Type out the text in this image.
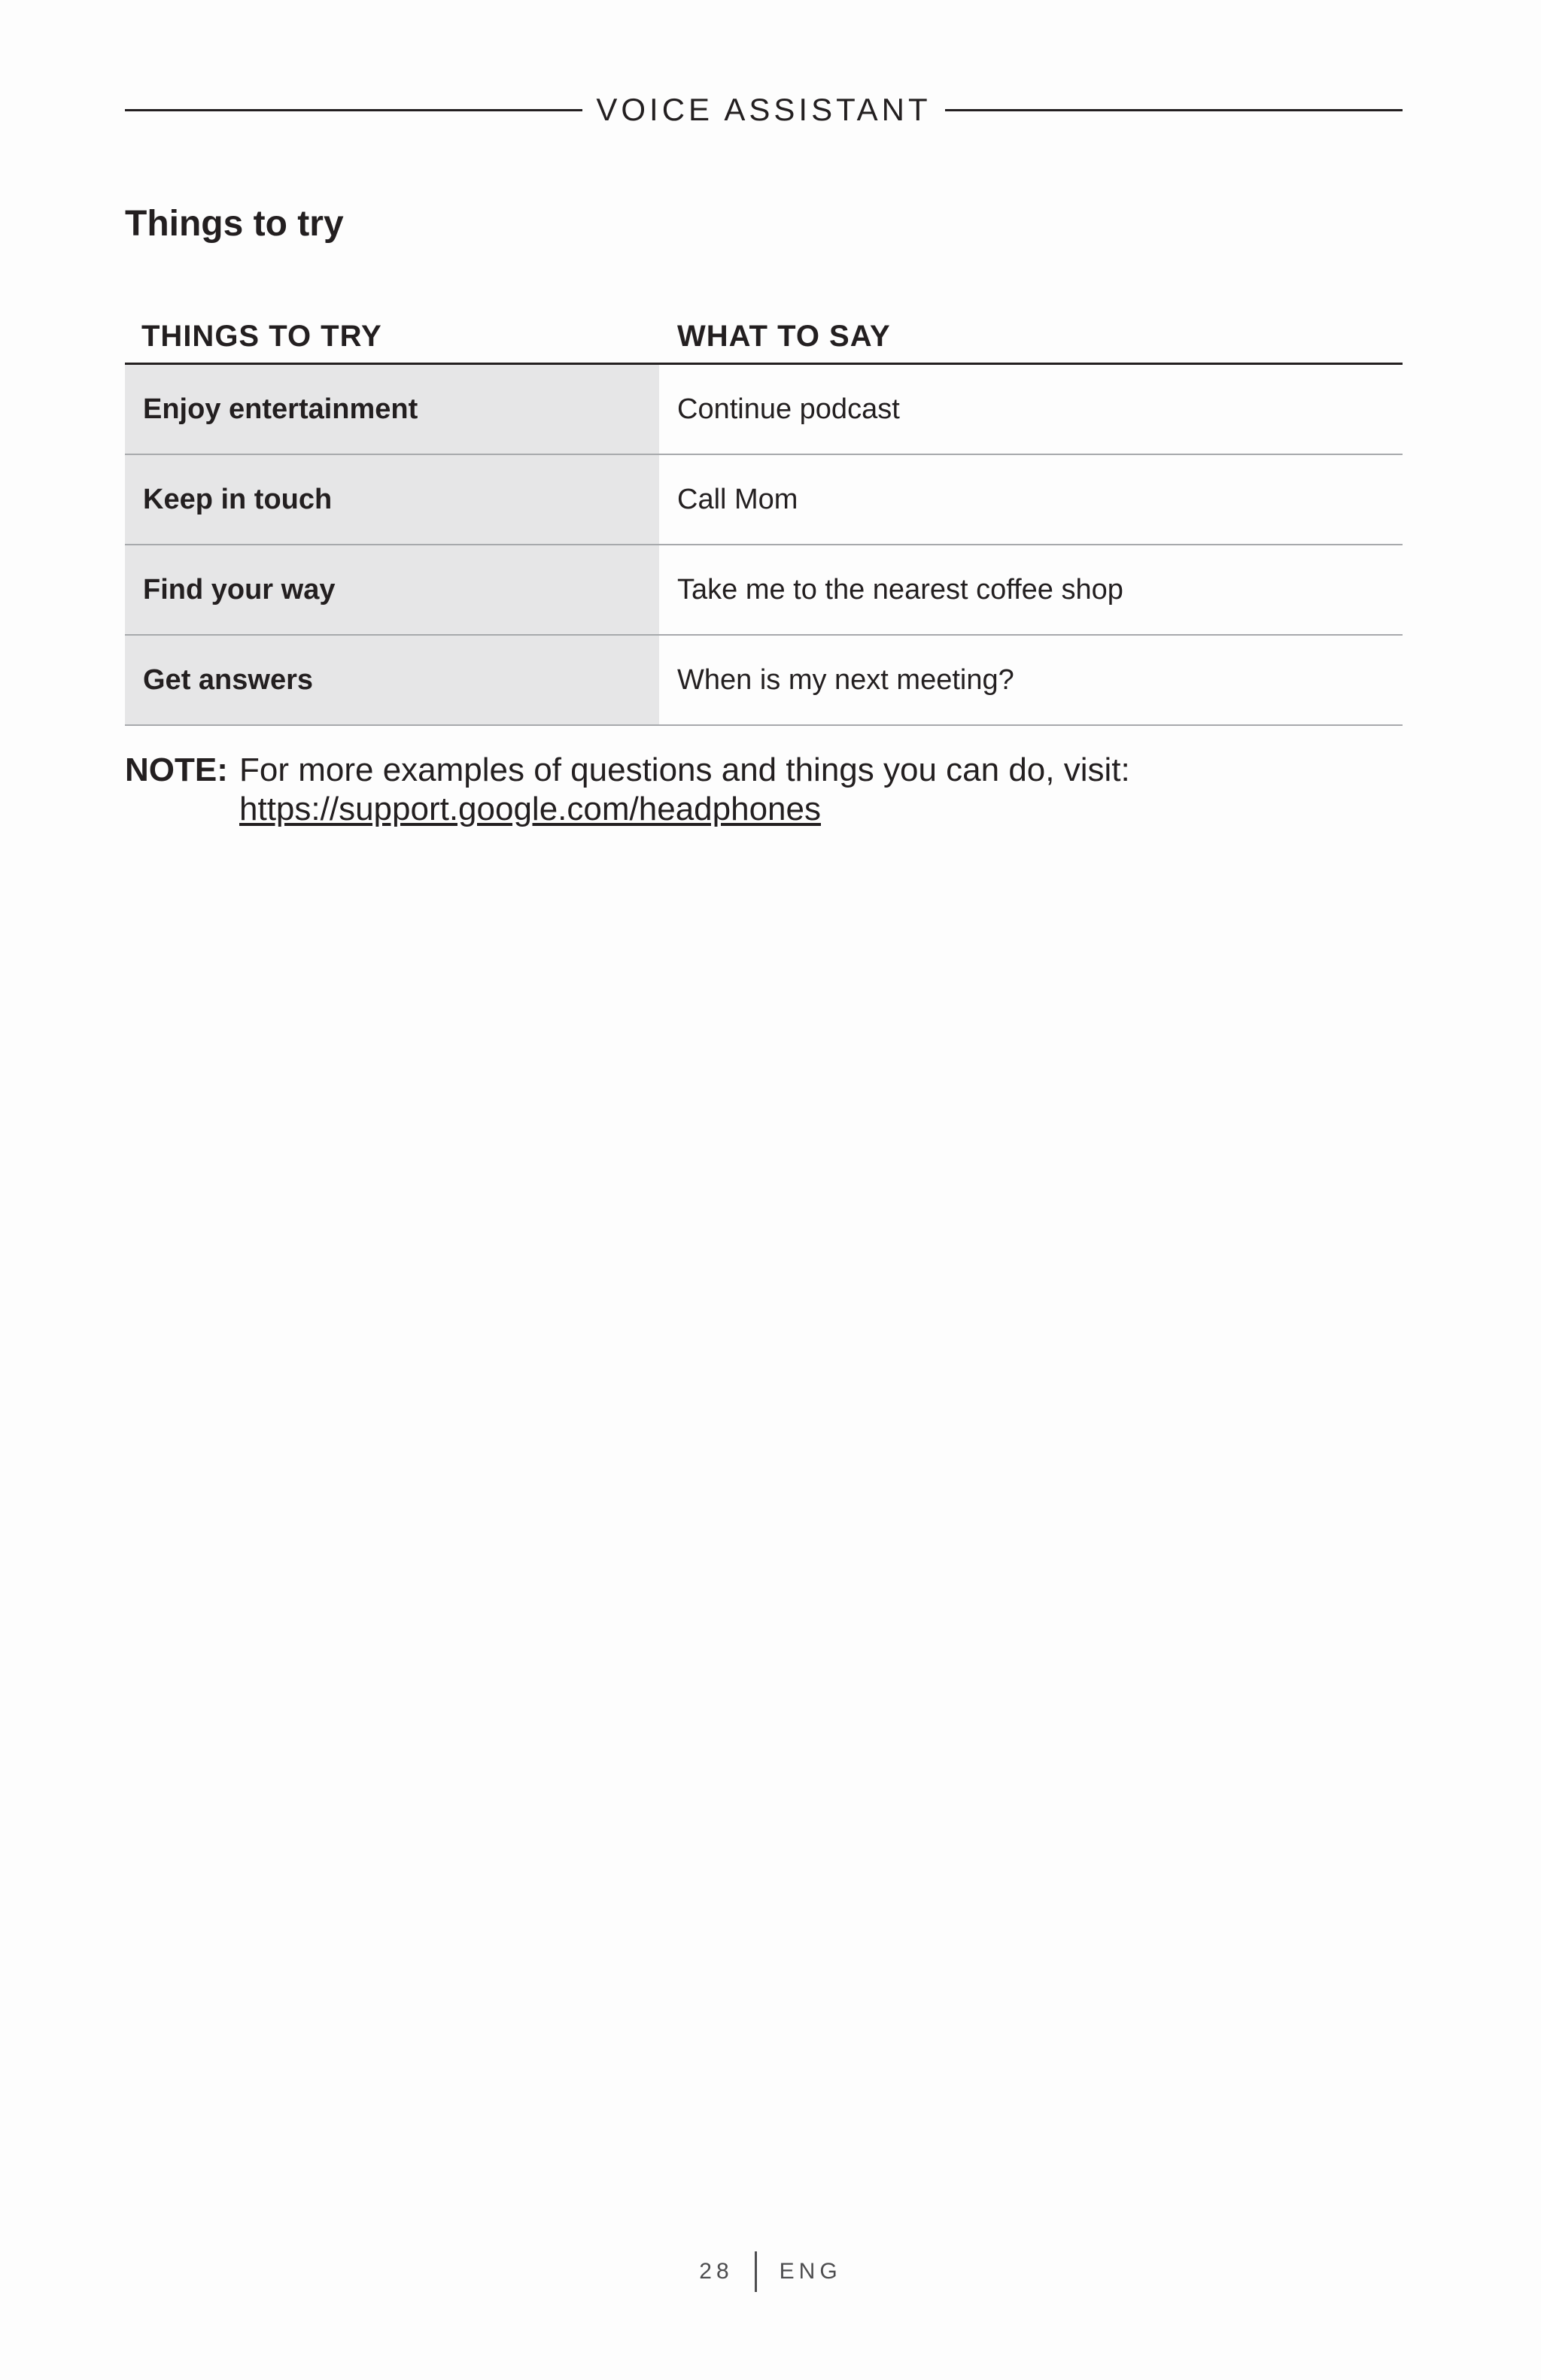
VOICE ASSISTANT
Things to try
THINGS TO TRY	WHAT TO SAY
Enjoy entertainment	Continue podcast
Keep in touch	Call Mom
Find your way	Take me to the nearest coffee shop
Get answers	When is my next meeting?
NOTE: For more examples of questions and things you can do, visit:
https://support.google.com/headphones
28	ENG
